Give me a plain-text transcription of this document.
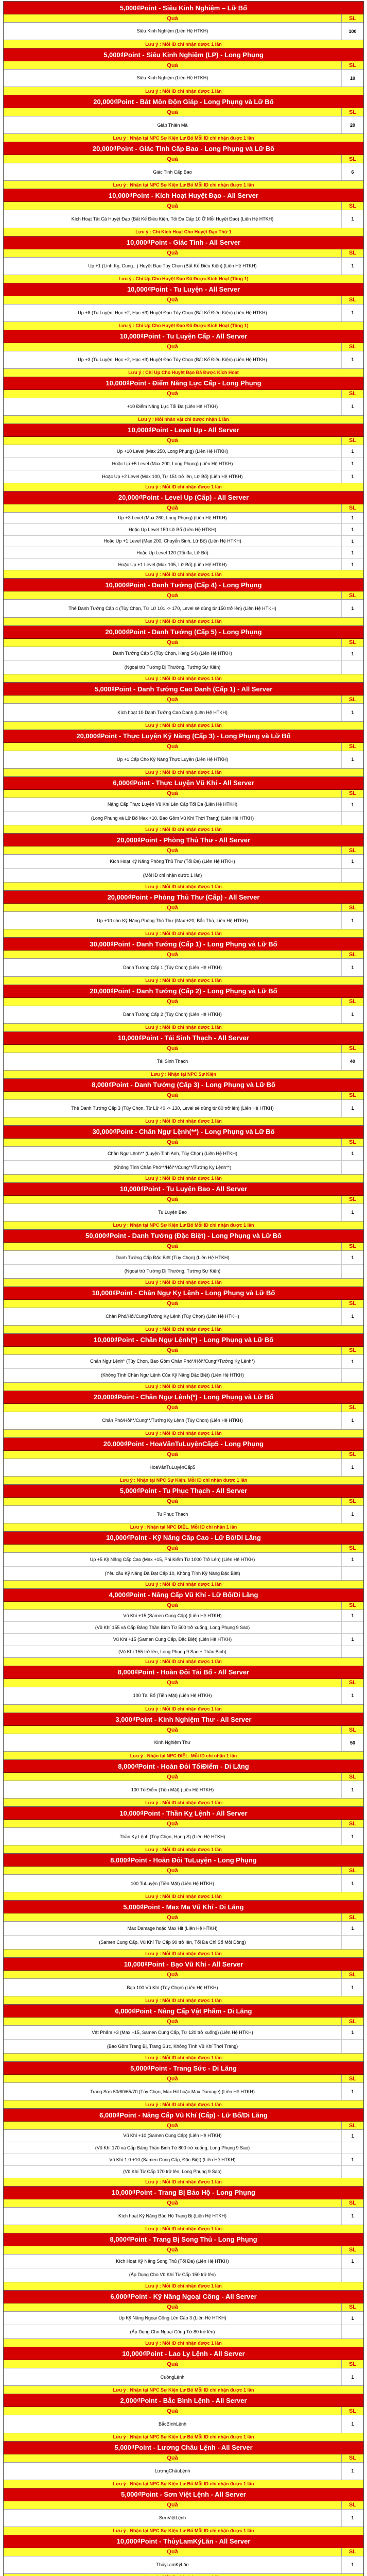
5,000₫Point - Siêu Kinh Nghiệm – Lữ Bố
Quà	SL
Siêu Kinh Nghiệm (Liên Hệ HTKH)	100
Lưu ý : Mỗi ID chỉ nhận được 1 lần
5,000₫Point - Siêu Kinh Nghiệm (LP) - Long Phụng
Quà	SL
Siêu Kinh Nghiệm (Liên Hệ HTKH)	10
Lưu ý : Mỗi ID chỉ nhận được 1 lần
20,000₫Point - Bát Môn Độn Giáp - Long Phụng và Lữ Bố
Quà	SL
Giáp Thiên Mã	20
Lưu ý : Nhận tại NPC Sự Kiện Lư Bố Mỗi ID chỉ nhận được 1 lần
20,000₫Point - Giác Tinh Cấp Bao - Long Phụng và Lữ Bố
Quà	SL
Giác Tinh Cấp Bao	6
Lưu ý : Nhận tại NPC Sự Kiện Lư Bố Mỗi ID chỉ nhận được 1 lần
10,000₫Point - Kích Hoạt Huyệt Đạo - All Server
Quà	SL
Kích Hoạt Tất Cả Huyệt Đạo (Bất Kể Điều Kiện, Tối Đa Cấp 10 Ở Mỗi Huyệt Đạo) (Liên Hệ HTKH)	1
Lưu ý : Chỉ Kích Hoạt Cho Huyệt Đạo Thứ 1
10,000₫Point - Giác Tinh - All Server
Quà	SL
Up +1 (Lính Kỵ, Cung...) Huyệt Đạo Tùy Chọn (Bất Kể Điều Kiện) (Liên Hệ HTKH)	1
Lưu ý : Chỉ Up Cho Huyệt Đạo Đã Được Kích Hoạt (Tầng 1)
10,000₫Point - Tu Luyện - All Server
Quà	SL
Up +8 (Tu Luyện, Học +2, Học +3) Huyệt Đạo Tùy Chọn (Bất Kể Điều Kiện) (Liên Hệ HTKH)	1
Lưu ý : Chỉ Up Cho Huyệt Đạo Đã Được Kích Hoạt (Tầng 1)
10,000₫Point - Tu Luyện Cấp - All Server
Quà	SL
Up +3 (Tu Luyện, Học +2, Học +3) Huyệt Đạo Tùy Chọn (Bất Kể Điều Kiện) (Liên Hệ HTKH)	1
Lưu ý : Chỉ Up Cho Huyệt Đạo Đã Được Kích Hoạt
10,000₫Point - Điểm Năng Lực Cấp - Long Phụng
Quà	SL
+10 Điểm Năng Lực Tối Đa (Liên Hệ HTKH)	1
Lưu ý : Mỗi nhân vật chỉ được nhận 1 lần
10,000₫Point - Level Up - All Server
Quà	SL
Up +10 Level (Max 250, Long Phụng) (Liên Hệ HTKH)	1
Hoặc Up +5 Level (Max 200, Long Phụng) (Liên Hệ HTKH)	1
Hoặc Up +2 Level (Max 100, Tự 151 trở lên, Lữ Bố) (Liên Hệ HTKH)	1
Lưu ý : Mỗi ID chỉ nhận được 1 lần
20,000₫Point - Level Up (Cấp) - All Server
Quà	SL
Up +3 Level (Max 260, Long Phụng) (Liên Hệ HTKH)	1
Hoặc Up Level 150 Lữ Bố (Liên Hệ HTKH)	1
Hoặc Up +1 Level (Max 200, Chuyển Sinh, Lữ Bố) (Liên Hệ HTKH)	1
Hoặc Up Level 120 (Tối đa, Lữ Bố)	1
Hoặc Up +1 Level (Max 105, Lữ Bố) (Liên Hệ HTKH)	1
Lưu ý : Mỗi ID chỉ nhận được 1 lần
10,000₫Point - Danh Tướng (Cấp 4) - Long Phụng
Quà	SL
Thẻ Danh Tướng Cấp 4 (Tùy Chọn, Từ Lữ 101 -> 170, Level sẽ dùng từ 150 trở lên) (Liên Hệ HTKH)	1
Lưu ý : Mỗi ID chỉ nhận được 1 lần
20,000₫Point - Danh Tướng (Cấp 5) - Long Phụng
Quà	SL
Danh Tướng Cấp 5 (Tùy Chọn, Hạng S4) (Liên Hệ HTKH)	1
(Ngoại trừ Tướng Dị Thường, Tướng Sự Kiện)
Lưu ý : Mỗi ID chỉ nhận được 1 lần
5,000₫Point - Danh Tướng Cao Danh (Cấp 1) - All Server
Quà	SL
Kích hoạt 10 Danh Tướng Cao Danh (Liên Hệ HTKH)	1
Lưu ý : Mỗi ID chỉ nhận được 1 lần
20,000₫Point - Thực Luyện Kỹ Năng (Cấp 3) - Long Phụng và Lữ Bố
Quà	SL
Up +1 Cấp Cho Kỹ Năng Thực Luyện (Liên Hệ HTKH)	1
Lưu ý : Mỗi ID chỉ nhận được 1 lần
6,000₫Point - Thực Luyện Vũ Khí - All Server
Quà	SL
Nâng Cấp Thực Luyện Vũ Khí Lên Cấp Tối Đa (Liên Hệ HTKH)	1
(Long Phụng và Lữ Bố Max +10, Bao Gồm Vũ Khí Thời Trang) (Liên Hệ HTKH)
Lưu ý : Mỗi ID chỉ nhận được 1 lần
20,000₫Point - Phòng Thủ Thư - All Server
Quà	SL
Kích Hoạt Kỹ Năng Phòng Thủ Thư (Tối Đa) (Liên Hệ HTKH)	1
(Mỗi ID chỉ nhận được 1 lần)
Lưu ý : Mỗi ID chỉ nhận được 1 lần
20,000₫Point - Phòng Thủ Thư (Cấp) - All Server
Quà	SL
Up +10 cho Kỹ Năng Phòng Thủ Thư (Max +20, Bắc Thủ, Liên Hệ HTKH)	1
Lưu ý : Mỗi ID chỉ nhận được 1 lần
30,000₫Point - Danh Tướng (Cấp 1) - Long Phụng và Lữ Bố
Quà	SL
Danh Tướng Cấp 1 (Tùy Chọn) (Liên Hệ HTKH)	1
Lưu ý : Mỗi ID chỉ nhận được 1 lần
20,000₫Point - Danh Tướng (Cấp 2) - Long Phụng và Lữ Bố
Quà	SL
Danh Tướng Cấp 2 (Tùy Chọn) (Liên Hệ HTKH)	1
Lưu ý : Mỗi ID chỉ nhận được 1 lần
10,000₫Point - Tái Sinh Thạch - All Server
Quà	SL
Tái Sinh Thạch	40
Lưu ý : Nhận tại NPC Sự Kiện
8,000₫Point - Danh Tướng (Cấp 3) - Long Phụng và Lữ Bố
Quà	SL
Thẻ Danh Tướng Cấp 3 (Tùy Chọn, Từ Lữ 40 -> 130, Level sẽ dùng từ 80 trở lên) (Liên Hệ HTKH)	1
Lưu ý : Mỗi ID chỉ nhận được 1 lần
30,000₫Point - Chân Ngự Lệnh(**) - Long Phụng và Lữ Bố
Quà	SL
Chân Ngự Lệnh** (Luyện Tinh Anh, Tùy Chọn) (Liên Hệ HTKH)	1
(Không Tính Chân Phó**/Hỏi**/Cung**/Tướng Kỵ Lệnh**)
Lưu ý : Mỗi ID chỉ nhận được 1 lần
10,000₫Point - Tu Luyện Bao - All Server
Quà	SL
Tu Luyện Bao	1
Lưu ý : Nhận tại NPC Sự Kiện Lư Bố Mỗi ID chỉ nhận được 1 lần
50,000₫Point - Danh Tướng (Đặc Biệt) - Long Phụng và Lữ Bố
Quà	SL
Danh Tướng Cấp Đặc Biệt (Tùy Chọn) (Liên Hệ HTKH)	1
(Ngoại trừ Tướng Dị Thường, Tướng Sự Kiện)
Lưu ý : Mỗi ID chỉ nhận được 1 lần
10,000₫Point - Chân Ngự Kỵ Lệnh - Long Phụng và Lữ Bố
Quà	SL
Chân Phó/Hỏi/Cung/Tướng Kỵ Lệnh (Tùy Chọn) (Liên Hệ HTKH)	1
Lưu ý : Mỗi ID chỉ nhận được 1 lần
10,000₫Point - Chân Ngự Lệnh(*) - Long Phụng và Lữ Bố
Quà	SL
Chân Ngự Lệnh* (Tùy Chọn, Bao Gồm Chân Phó*/Hỏi*/Cung*/Tướng Kỵ Lệnh*)	1
(Không Tính Chân Ngự Lệnh Của Kỹ Năng Đặc Biệt) (Liên Hệ HTKH)
Lưu ý : Mỗi ID chỉ nhận được 1 lần
20,000₫Point - Chân Ngự Lệnh(*) - Long Phụng và Lữ Bố
Quà	SL
Chân Phó/Hỏi**/Cung**/Tướng Kỵ Lệnh (Tùy Chọn) (Liên Hệ HTKH)	1
Lưu ý : Mỗi ID chỉ nhận được 1 lần
20,000₫Point - HoaVânTuLuyệnCấp5 - Long Phụng
Quà	SL
HoaVânTuLuyệnCấp5	1
Lưu ý : Nhận tại NPC Sự Kiện. Mỗi ID chỉ nhận được 1 lần
5,000₫Point - Tu Phục Thạch - All Server
Quà	SL
Tu Phục Thạch	1
Lưu ý : Nhận tại NPC ĐIÊL. Mỗi ID chỉ nhận 1 lần
10,000₫Point - Kỹ Năng Cấp Cao - Lữ Bố/Di Lăng
Quà	SL
Up +5 Kỹ Năng Cấp Cao (Max +15, Phi Kiếm Từ 1000 Trở Lên) (Liên Hệ HTKH)	1
(Yêu cầu Kỹ Năng Đã Đạt Cấp 10, Không Tính Kỹ Năng Đặc Biệt)
Lưu ý : Mỗi ID chỉ nhận được 1 lần
4,000₫Point - Nâng Cấp Vũ Khí - Lữ Bố/Di Lăng
Quà	SL
Vũ Khí +15 (Samen Cung Cấp) (Liên Hệ HTKH)	1
(Vũ Khí 155 và Cấp Bảng Thần Binh Từ 500 trở xuống, Long Phụng 9 Sao)
Vũ Khí +15 (Samen Cung Cấp, Đặc Biệt) (Liên Hệ HTKH)	1
(Vũ Khí 155 trở lên, Long Phụng 9 Sao + Thần Binh)
Lưu ý : Mỗi ID chỉ nhận được 1 lần
8,000₫Point - Hoàn Đỏi Tài Bổ - All Server
Quà	SL
100 Tài Bổ (Tiền Mặt) (Liên Hệ HTKH)	1
Lưu ý : Mỗi ID chỉ nhận được 1 lần
3,000₫Point - Kinh Nghiệm Thư - All Server
Quà	SL
Kinh Nghiệm Thư	50
Lưu ý : Nhận tại NPC ĐIÊL. Mỗi ID chỉ nhận 1 lần
8,000₫Point - Hoàn Đỏi TốiĐiểm - Di Lăng
Quà	SL
100 TốiĐiểm (Tiền Mặt) (Liên Hệ HTKH)	1
Lưu ý : Mỗi ID chỉ nhận được 1 lần
10,000₫Point - Thần Kỵ Lệnh - All Server
Quà	SL
Thần Kỵ Lệnh (Tùy Chọn, Hạng S) (Liên Hệ HTKH)	1
Lưu ý : Mỗi ID chỉ nhận được 1 lần
8,000₫Point - Hoàn Đỏi TuLuyện - Long Phụng
Quà	SL
100 TuLuyện (Tiền Mặt) (Liên Hệ HTKH)	1
Lưu ý : Mỗi ID chỉ nhận được 1 lần
5,000₫Point - Max Ma Vũ Khí - Di Lăng
Quà	SL
Max Damage hoặc Max Hit (Liên Hệ HTKH)	1
(Samen Cung Cấp, Vũ Khí Từ Cấp 90 trở lên, Tối Đa Chỉ Số Mỗi Dòng)
Lưu ý : Mỗi ID chỉ nhận được 1 lần
10,000₫Point - Bạo Vũ Khí - All Server
Quà	SL
Bạo 100 Vũ Khí (Tùy Chọn) (Liên Hệ HTKH)	1
Lưu ý : Mỗi ID chỉ nhận được 1 lần
6,000₫Point - Nâng Cấp Vật Phẩm - Di Lăng
Quà	SL
Vật Phẩm +3 (Max +15, Samen Cung Cấp, Từ 120 trở xuống) (Liên Hệ HTKH)	1
(Bao Gồm Trang Bị, Trang Sức, Không Tính Vũ Khí Thời Trang)
Lưu ý : Mỗi ID chỉ nhận được 1 lần
5,000₫Point - Trang Sức - Di Lăng
Quà	SL
Trang Sức 50/60/65/70 (Tùy Chọn, Max Hit hoặc Max Damage) (Liên Hệ HTKH)	1
Lưu ý : Mỗi ID chỉ nhận được 1 lần
6,000₫Point - Nâng Cấp Vũ Khí (Cấp) - Lữ Bố/Di Lăng
Quà	SL
Vũ Khí +10 (Samen Cung Cấp) (Liên Hệ HTKH)	1
(Vũ Khí 170 và Cấp Bảng Thần Binh Từ 800 trở xuống, Long Phụng 9 Sao)
Vũ Khí 1.0 +10 (Samen Cung Cấp, Đặc Biệt) (Liên Hệ HTKH)	1
(Vũ Khí Từ Cấp 170 trở lên, Long Phụng 9 Sao)
Lưu ý : Mỗi ID chỉ nhận được 1 lần
10,000₫Point - Trang Bị Bảo Hộ - Long Phụng
Quà	SL
Kích hoạt Kỹ Năng Bảo Hộ Trang Bị (Liên Hệ HTKH)	1
Lưu ý : Mỗi ID chỉ nhận được 1 lần
8,000₫Point - Trang Bị Song Thủ - Long Phụng
Quà	SL
Kích Hoạt Kỹ Năng Song Thủ (Tối Đa) (Liên Hệ HTKH)	1
(Áp Dụng Cho Vũ Khí Từ Cấp 150 trở lên)
Lưu ý : Mỗi ID chỉ nhận được 1 lần
6,000₫Point - Kỹ Năng Ngoại Công - All Server
Quà	SL
Up Kỹ Năng Ngoại Công Lên Cấp 3 (Liên Hệ HTKH)	1
(Áp Dụng Cho Ngoại Công Từ 80 trở lên)
Lưu ý : Mỗi ID chỉ nhận được 1 lần
10,000₫Point - Lao Ly Lệnh - All Server
Quà	SL
CuồngLệnh	1
Lưu ý : Nhận tại NPC Sự Kiện Lư Bố Mỗi ID chỉ nhận được 1 lần
2,000₫Point - Bắc Bình Lệnh - All Server
Quà	SL
BắcBìnhLệnh	1
Lưu ý : Nhận tại NPC Sự Kiện Lư Bố Mỗi ID chỉ nhận được 1 lần
5,000₫Point - Lương Châu Lệnh - All Server
Quà	SL
LươngChâuLệnh	1
Lưu ý : Nhận tại NPC Sự Kiện Lư Bố Mỗi ID chỉ nhận được 1 lần
5,000₫Point - Sơn Việt Lệnh - All Server
Quà	SL
SơnViệtLệnh	1
Lưu ý : Nhận tại NPC Sự Kiện Lư Bố Mỗi ID chỉ nhận được 1 lần
10,000₫Point - ThủyLamKýLăn - All Server
Quà	SL
ThủyLamKýLăn	1
